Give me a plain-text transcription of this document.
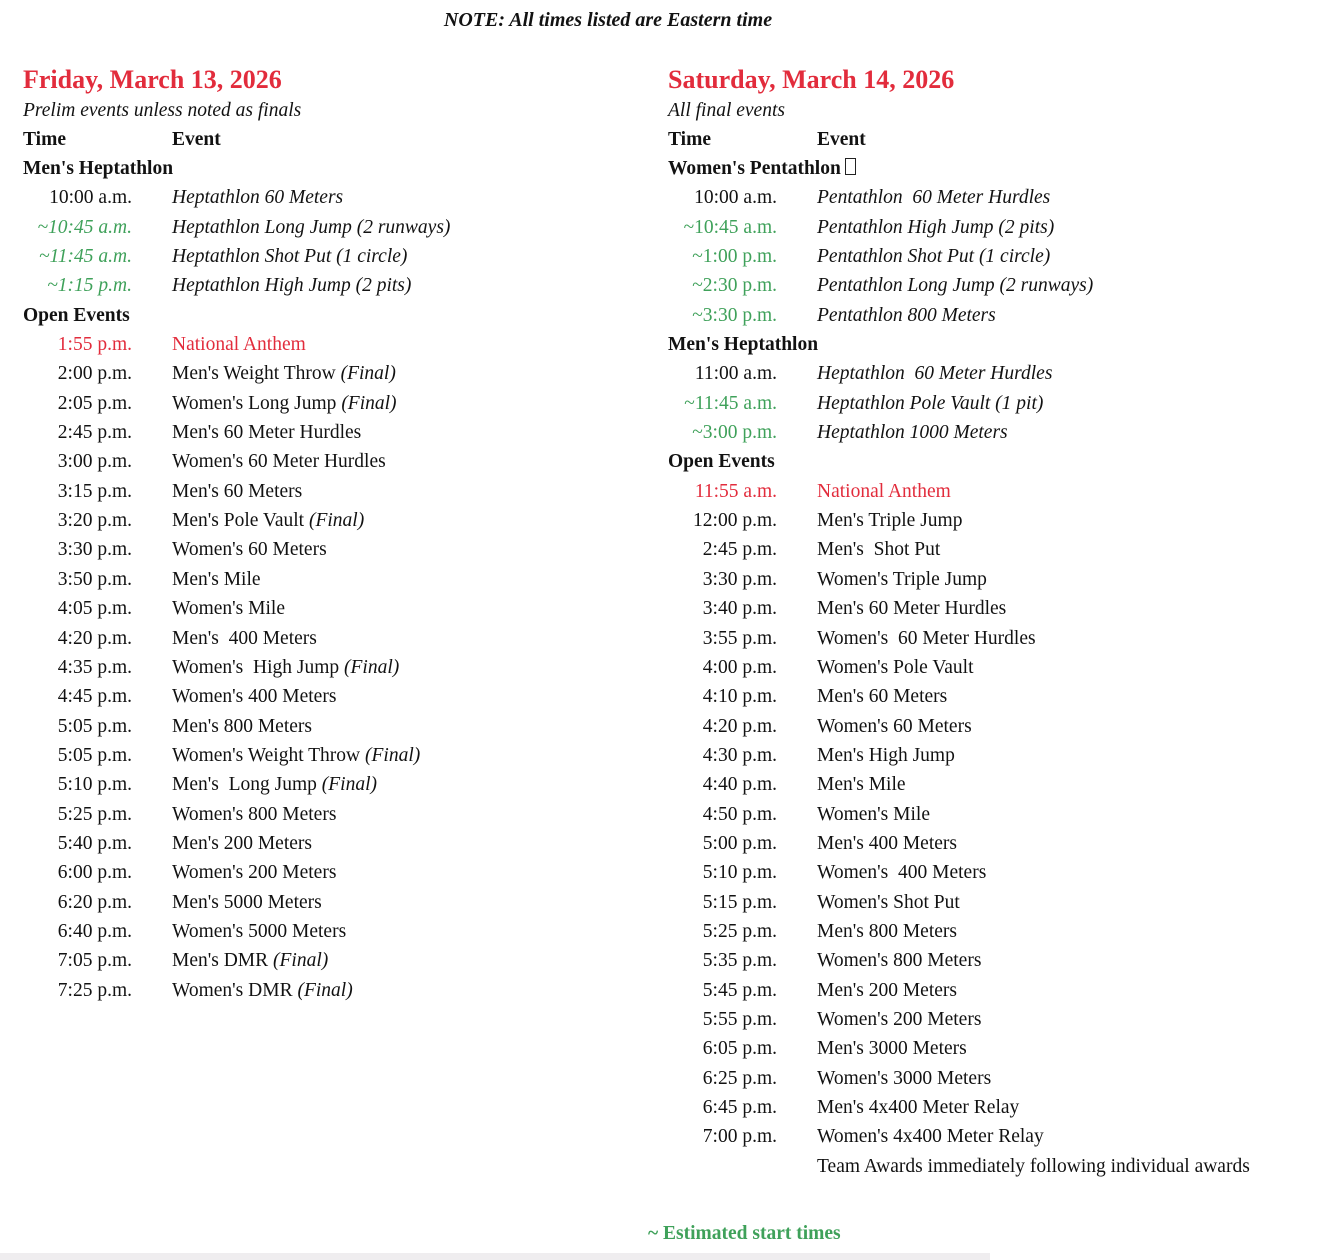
NOTE: All times listed are Eastern time
Friday, March 13, 2026
Prelim events unless noted as finals
Time	Event
Men's Heptathlon
10:00 a.m. Heptathlon 60 Meters
~10:45 a.m. Heptathlon Long Jump (2 runways)
~11:45 a.m. Heptathlon Shot Put (1 circle)
~1:15 p.m. Heptathlon High Jump (2 pits)
Open Events
1:55 p.m. National Anthem
2:00 p.m. Men's Weight Throw (Final)
2:05 p.m. Women's Long Jump (Final)
2:45 p.m. Men's 60 Meter Hurdles
3:00 p.m. Women's 60 Meter Hurdles
3:15 p.m. Men's 60 Meters
3:20 p.m. Men's Pole Vault (Final)
3:30 p.m. Women's 60 Meters
3:50 p.m. Men's Mile
4:05 p.m. Women's Mile
4:20 p.m. Men's  400 Meters
4:35 p.m. Women's  High Jump (Final)
4:45 p.m. Women's 400 Meters
5:05 p.m. Men's 800 Meters
5:05 p.m. Women's Weight Throw (Final)
5:10 p.m. Men's  Long Jump (Final)
5:25 p.m. Women's 800 Meters
5:40 p.m. Men's 200 Meters
6:00 p.m. Women's 200 Meters
6:20 p.m. Men's 5000 Meters
6:40 p.m. Women's 5000 Meters
7:05 p.m. Men's DMR (Final)
7:25 p.m. Women's DMR (Final)
Saturday, March 14, 2026
All final events
Time	Event
Women's Pentathlon
10:00 a.m. Pentathlon  60 Meter Hurdles
~10:45 a.m. Pentathlon High Jump (2 pits)
~1:00 p.m. Pentathlon Shot Put (1 circle)
~2:30 p.m. Pentathlon Long Jump (2 runways)
~3:30 p.m. Pentathlon 800 Meters
Men's Heptathlon
11:00 a.m. Heptathlon  60 Meter Hurdles
~11:45 a.m. Heptathlon Pole Vault (1 pit)
~3:00 p.m. Heptathlon 1000 Meters
Open Events
11:55 a.m. National Anthem
12:00 p.m. Men's Triple Jump
2:45 p.m. Men's  Shot Put
3:30 p.m. Women's Triple Jump
3:40 p.m. Men's 60 Meter Hurdles
3:55 p.m. Women's  60 Meter Hurdles
4:00 p.m. Women's Pole Vault
4:10 p.m. Men's 60 Meters
4:20 p.m. Women's 60 Meters
4:30 p.m. Men's High Jump
4:40 p.m. Men's Mile
4:50 p.m. Women's Mile
5:00 p.m. Men's 400 Meters
5:10 p.m. Women's  400 Meters
5:15 p.m. Women's Shot Put
5:25 p.m. Men's 800 Meters
5:35 p.m. Women's 800 Meters
5:45 p.m. Men's 200 Meters
5:55 p.m. Women's 200 Meters
6:05 p.m. Men's 3000 Meters
6:25 p.m. Women's 3000 Meters
6:45 p.m. Men's 4x400 Meter Relay
7:00 p.m. Women's 4x400 Meter Relay
Team Awards immediately following individual awards
~ Estimated start times
